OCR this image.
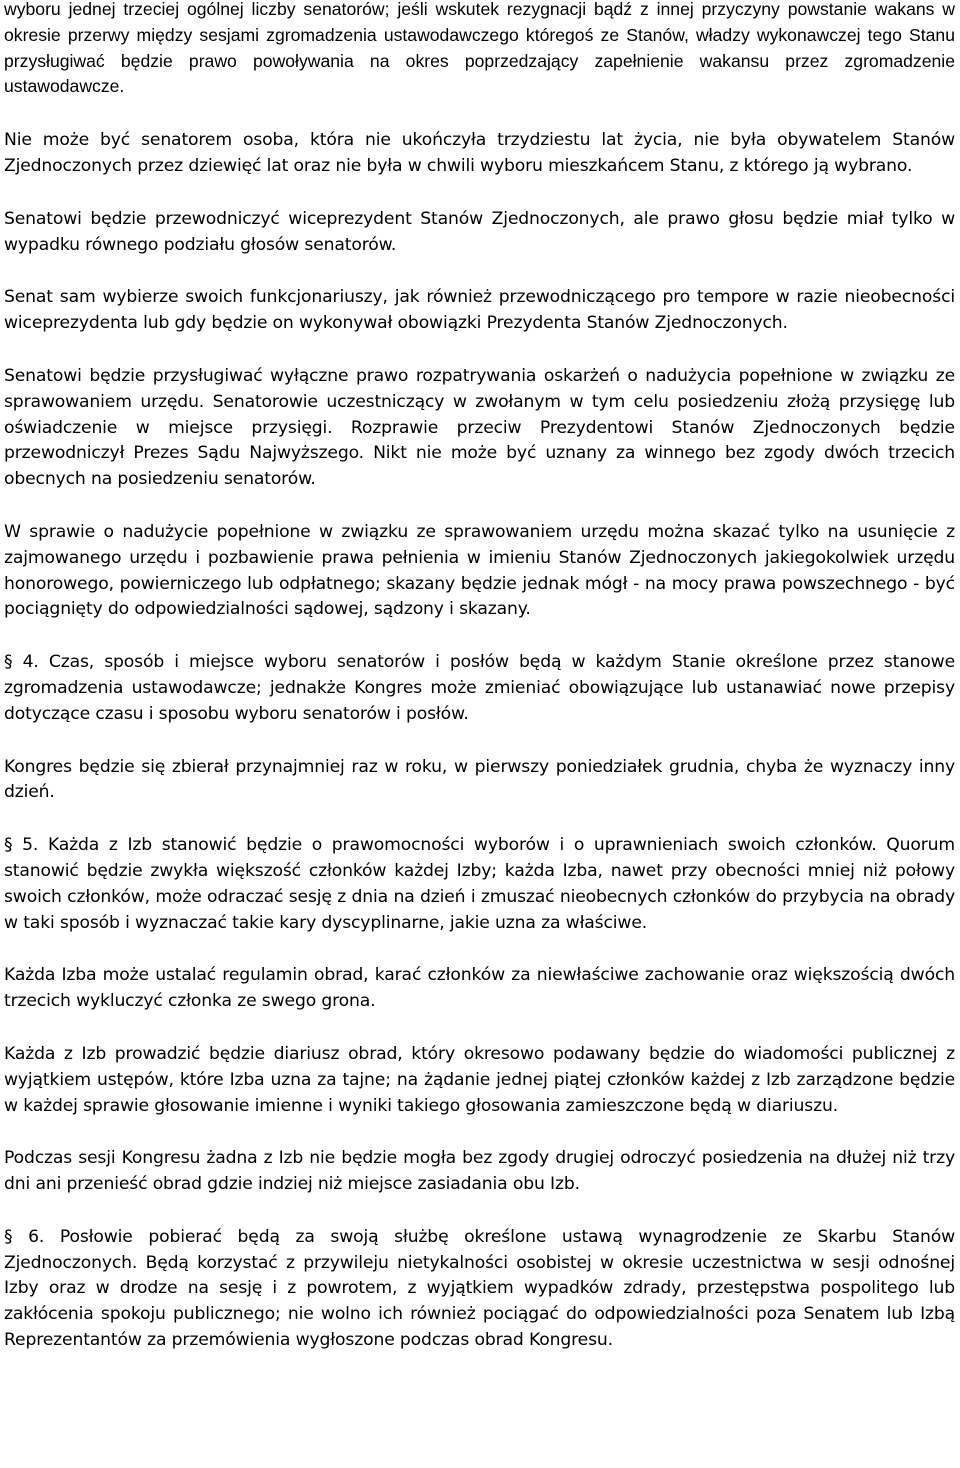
wyboru jednej trzeciej ogólnej liczby senatorów; jeśli wskutek rezygnacji bądź z innej przyczyny powstanie wakans w okresie przerwy między sesjami zgromadzenia ustawodawczego któregoś ze Stanów, władzy wykonawczej tego Stanu przysługiwać będzie prawo powoływania na okres poprzedzający zapełnienie wakansu przez zgromadzenie ustawodawcze.

Nie może być senatorem osoba, która nie ukończyła trzydziestu lat życia, nie była obywatelem Stanów Zjednoczonych przez dziewięć lat oraz nie była w chwili wyboru mieszkańcem Stanu, z którego ją wybrano.

Senatowi będzie przewodniczyć wiceprezydent Stanów Zjednoczonych, ale prawo głosu będzie miał tylko w wypadku równego podziału głosów senatorów.

Senat sam wybierze swoich funkcjonariuszy, jak również przewodniczącego pro tempore w razie nieobecności wiceprezydenta lub gdy będzie on wykonywał obowiązki Prezydenta Stanów Zjednoczonych.

Senatowi będzie przysługiwać wyłączne prawo rozpatrywania oskarżeń o nadużycia popełnione w związku ze sprawowaniem urzędu. Senatorowie uczestniczący w zwołanym w tym celu posiedzeniu złożą przysięgę lub oświadczenie w miejsce przysięgi. Rozprawie przeciw Prezydentowi Stanów Zjednoczonych będzie przewodniczył Prezes Sądu Najwyższego. Nikt nie może być uznany za winnego bez zgody dwóch trzecich obecnych na posiedzeniu senatorów.

W sprawie o nadużycie popełnione w związku ze sprawowaniem urzędu można skazać tylko na usunięcie z zajmowanego urzędu i pozbawienie prawa pełnienia w imieniu Stanów Zjednoczonych jakiegokolwiek urzędu honorowego, powierniczego lub odpłatnego; skazany będzie jednak mógł - na mocy prawa powszechnego - być pociągnięty do odpowiedzialności sądowej, sądzony i skazany.

§ 4. Czas, sposób i miejsce wyboru senatorów i posłów będą w każdym Stanie określone przez stanowe zgromadzenia ustawodawcze; jednakże Kongres może zmieniać obowiązujące lub ustanawiać nowe przepisy dotyczące czasu i sposobu wyboru senatorów i posłów.

Kongres będzie się zbierał przynajmniej raz w roku, w pierwszy poniedziałek grudnia, chyba że wyznaczy inny dzień.

§ 5. Każda z Izb stanowić będzie o prawomocności wyborów i o uprawnieniach swoich członków. Quorum stanowić będzie zwykła większość członków każdej Izby; każda Izba, nawet przy obecności mniej niż połowy swoich członków, może odraczać sesję z dnia na dzień i zmuszać nieobecnych członków do przybycia na obrady w taki sposób i wyznaczać takie kary dyscyplinarne, jakie uzna za właściwe.

Każda Izba może ustalać regulamin obrad, karać członków za niewłaściwe zachowanie oraz większością dwóch trzecich wykluczyć członka ze swego grona.

Każda z Izb prowadzić będzie diariusz obrad, który okresowo podawany będzie do wiadomości publicznej z wyjątkiem ustępów, które Izba uzna za tajne; na żądanie jednej piątej członków każdej z Izb zarządzone będzie w każdej sprawie głosowanie imienne i wyniki takiego głosowania zamieszczone będą w diariuszu.

Podczas sesji Kongresu żadna z Izb nie będzie mogła bez zgody drugiej odroczyć posiedzenia na dłużej niż trzy dni ani przenieść obrad gdzie indziej niż miejsce zasiadania obu Izb.

§ 6. Posłowie pobierać będą za swoją służbę określone ustawą wynagrodzenie ze Skarbu Stanów Zjednoczonych. Będą korzystać z przywileju nietykalności osobistej w okresie uczestnictwa w sesji odnośnej Izby oraz w drodze na sesję i z powrotem, z wyjątkiem wypadków zdrady, przestępstwa pospolitego lub zakłócenia spokoju publicznego; nie wolno ich również pociągać do odpowiedzialności poza Senatem lub Izbą Reprezentantów za przemówienia wygłoszone podczas obrad Kongresu.
